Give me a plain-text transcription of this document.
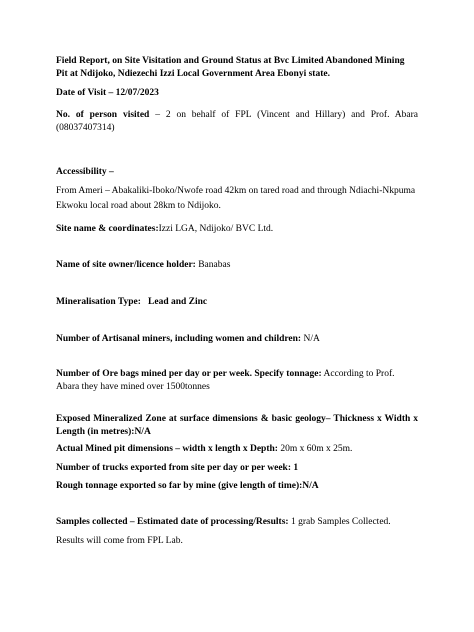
Field Report, on Site Visitation and Ground Status at Bvc Limited Abandoned Mining Pit at Ndijoko, Ndiezechi Izzi Local Government Area Ebonyi state.

Date of Visit – 12/07/2023

No. of person visited – 2 on behalf of FPL (Vincent and Hillary) and Prof. Abara (08037407314)

Accessibility –

From Ameri – Abakaliki-Iboko/Nwofe road 42km on tared road and through Ndiachi-Nkpuma Ekwoku local road about 28km to Ndijoko.

Site name & coordinates:Izzi LGA, Ndijoko/ BVC Ltd.

Name of site owner/licence holder: Banabas

Mineralisation Type:   Lead and Zinc

Number of Artisanal miners, including women and children: N/A

Number of Ore bags mined per day or per week. Specify tonnage: According to Prof. Abara they have mined over 1500tonnes

Exposed Mineralized Zone at surface dimensions & basic geology– Thickness x Width x Length (in metres):N/A

Actual Mined pit dimensions – width x length x Depth: 20m x 60m x 25m.

Number of trucks exported from site per day or per week: 1

Rough tonnage exported so far by mine (give length of time):N/A

Samples collected – Estimated date of processing/Results: 1 grab Samples Collected.

Results will come from FPL Lab.
